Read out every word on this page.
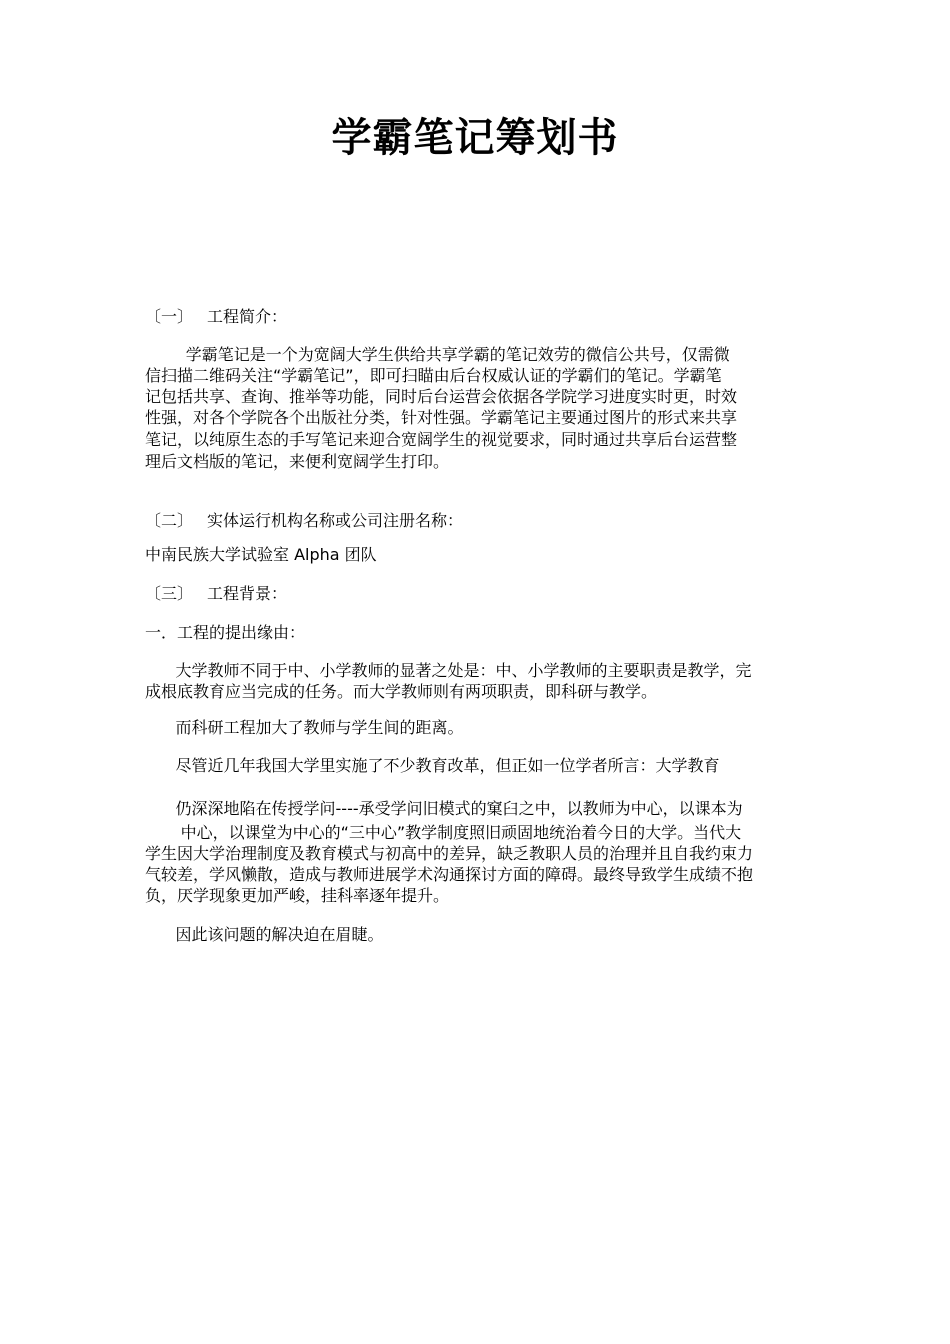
学霸笔记筹划书
〔一〕 工程简介：
学霸笔记是一个为宽阔大学生供给共享学霸的笔记效劳的微信公共号，仅需微
信扫描二维码关注“学霸笔记”，即可扫瞄由后台权威认证的学霸们的笔记。学霸笔
记包括共享、查询、推举等功能，同时后台运营会依据各学院学习进度实时更，时效
性强，对各个学院各个出版社分类，针对性强。学霸笔记主要通过图片的形式来共享
笔记，以纯原生态的手写笔记来迎合宽阔学生的视觉要求，同时通过共享后台运营整
理后文档版的笔记，来便利宽阔学生打印。
〔二〕 实体运行机构名称或公司注册名称：
中南民族大学试验室 Alpha 团队
〔三〕 工程背景：
一．工程的提出缘由：
大学教师不同于中、小学教师的显著之处是：中、小学教师的主要职责是教学，完
成根底教育应当完成的任务。而大学教师则有两项职责，即科研与教学。
而科研工程加大了教师与学生间的距离。
尽管近几年我国大学里实施了不少教育改革，但正如一位学者所言：大学教育
仍深深地陷在传授学问----承受学问旧模式的窠臼之中，以教师为中心，以课本为
中心，以课堂为中心的“三中心”教学制度照旧顽固地统治着今日的大学。当代大
学生因大学治理制度及教育模式与初高中的差异，缺乏教职人员的治理并且自我约束力
气较差，学风懒散，造成与教师进展学术沟通探讨方面的障碍。最终导致学生成绩不抱
负，厌学现象更加严峻，挂科率逐年提升。
因此该问题的解决迫在眉睫。
